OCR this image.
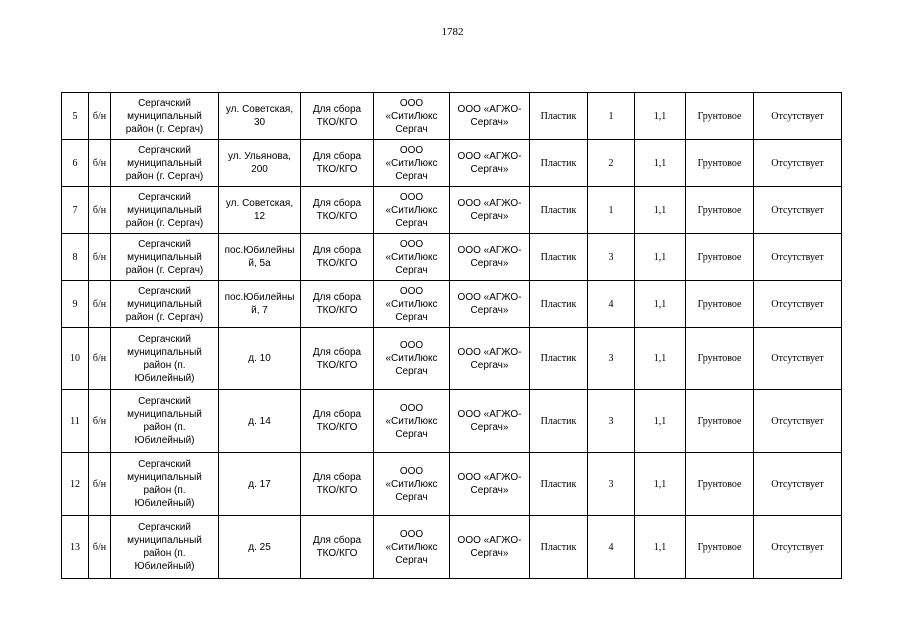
1782
5	б/н	Сергачский муниципальный район (г. Сергач)	ул. Советская, 30	Для сбора ТКО/КГО	ООО «СитиЛюкс Сергач	ООО «АГЖО-Сергач»	Пластик	1	1,1	Грунтовое	Отсутствует
6	б/н	Сергачский муниципальный район (г. Сергач)	ул. Ульянова, 200	Для сбора ТКО/КГО	ООО «СитиЛюкс Сергач	ООО «АГЖО-Сергач»	Пластик	2	1,1	Грунтовое	Отсутствует
7	б/н	Сергачский муниципальный район (г. Сергач)	ул. Советская, 12	Для сбора ТКО/КГО	ООО «СитиЛюкс Сергач	ООО «АГЖО-Сергач»	Пластик	1	1,1	Грунтовое	Отсутствует
8	б/н	Сергачский муниципальный район (г. Сергач)	пос.Юбилейны й, 5а	Для сбора ТКО/КГО	ООО «СитиЛюкс Сергач	ООО «АГЖО-Сергач»	Пластик	3	1,1	Грунтовое	Отсутствует
9	б/н	Сергачский муниципальный район (г. Сергач)	пос.Юбилейны й, 7	Для сбора ТКО/КГО	ООО «СитиЛюкс Сергач	ООО «АГЖО-Сергач»	Пластик	4	1,1	Грунтовое	Отсутствует
10	б/н	Сергачский муниципальный район (п. Юбилейный)	д. 10	Для сбора ТКО/КГО	ООО «СитиЛюкс Сергач	ООО «АГЖО-Сергач»	Пластик	3	1,1	Грунтовое	Отсутствует
11	б/н	Сергачский муниципальный район (п. Юбилейный)	д. 14	Для сбора ТКО/КГО	ООО «СитиЛюкс Сергач	ООО «АГЖО-Сергач»	Пластик	3	1,1	Грунтовое	Отсутствует
12	б/н	Сергачский муниципальный район (п. Юбилейный)	д. 17	Для сбора ТКО/КГО	ООО «СитиЛюкс Сергач	ООО «АГЖО-Сергач»	Пластик	3	1,1	Грунтовое	Отсутствует
13	б/н	Сергачский муниципальный район (п. Юбилейный)	д. 25	Для сбора ТКО/КГО	ООО «СитиЛюкс Сергач	ООО «АГЖО-Сергач»	Пластик	4	1,1	Грунтовое	Отсутствует
